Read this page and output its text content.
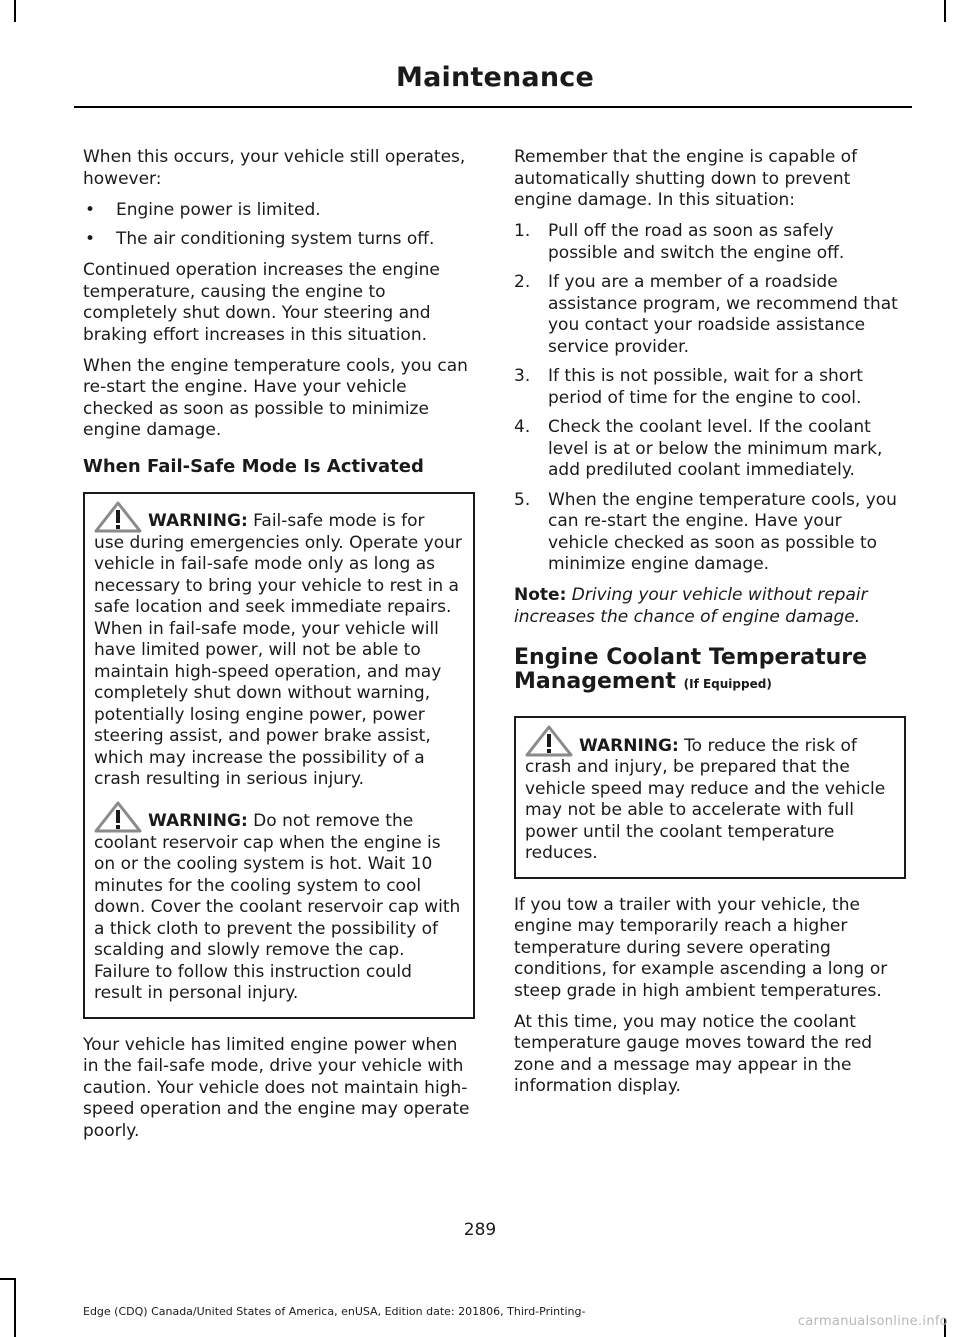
Maintenance

When this occurs, your vehicle still operates, however:

• Engine power is limited.
• The air conditioning system turns off.

Continued operation increases the engine temperature, causing the engine to completely shut down. Your steering and braking effort increases in this situation.

When the engine temperature cools, you can re-start the engine. Have your vehicle checked as soon as possible to minimize engine damage.

When Fail-Safe Mode Is Activated
WARNING: Fail-safe mode is for
use during emergencies only. Operate your vehicle in fail-safe mode only as long as necessary to bring your vehicle to rest in a safe location and seek immediate repairs. When in fail-safe mode, your vehicle will have limited power, will not be able to maintain high-speed operation, and may completely shut down without warning, potentially losing engine power, power steering assist, and power brake assist, which may increase the possibility of a crash resulting in serious injury.
WARNING: Do not remove the
coolant reservoir cap when the engine is on or the cooling system is hot. Wait 10 minutes for the cooling system to cool down. Cover the coolant reservoir cap with a thick cloth to prevent the possibility of scalding and slowly remove the cap. Failure to follow this instruction could result in personal injury.

Your vehicle has limited engine power when in the fail-safe mode, drive your vehicle with caution. Your vehicle does not maintain high-speed operation and the engine may operate poorly.

Remember that the engine is capable of automatically shutting down to prevent engine damage. In this situation:

1. Pull off the road as soon as safely possible and switch the engine off.
2. If you are a member of a roadside assistance program, we recommend that you contact your roadside assistance service provider.
3. If this is not possible, wait for a short period of time for the engine to cool.
4. Check the coolant level. If the coolant level is at or below the minimum mark, add prediluted coolant immediately.
5. When the engine temperature cools, you can re-start the engine. Have your vehicle checked as soon as possible to minimize engine damage.

Note: Driving your vehicle without repair increases the chance of engine damage.

Engine Coolant Temperature Management (If Equipped)
WARNING: To reduce the risk of
crash and injury, be prepared that the vehicle speed may reduce and the vehicle may not be able to accelerate with full power until the coolant temperature reduces.

If you tow a trailer with your vehicle, the engine may temporarily reach a higher temperature during severe operating conditions, for example ascending a long or steep grade in high ambient temperatures.

At this time, you may notice the coolant temperature gauge moves toward the red zone and a message may appear in the information display.

289
Edge (CDQ) Canada/United States of America, enUSA, Edition date: 201806, Third-Printing-
carmanualsonline.info
